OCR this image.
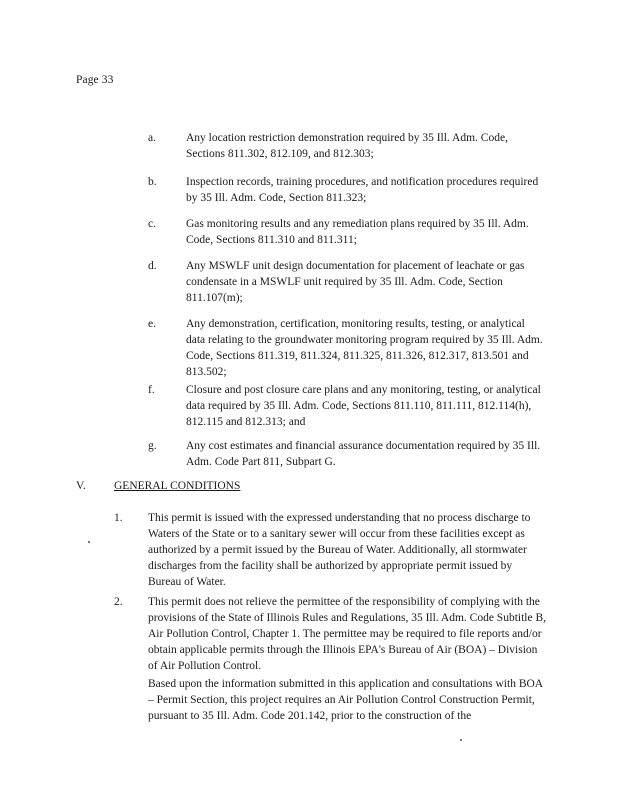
Page 33
a.	Any location restriction demonstration required by 35 Ill. Adm. Code, Sections 811.302, 812.109, and 812.303;
b.	Inspection records, training procedures, and notification procedures required by 35 Ill. Adm. Code, Section 811.323;
c.	Gas monitoring results and any remediation plans required by 35 Ill. Adm. Code, Sections 811.310 and 811.311;
d.	Any MSWLF unit design documentation for placement of leachate or gas condensate in a MSWLF unit required by 35 Ill. Adm. Code, Section 811.107(m);
e.	Any demonstration, certification, monitoring results, testing, or analytical data relating to the groundwater monitoring program required by 35 Ill. Adm. Code, Sections 811.319, 811.324, 811.325, 811.326, 812.317, 813.501 and 813.502;
f.	Closure and post closure care plans and any monitoring, testing, or analytical data required by 35 Ill. Adm. Code, Sections 811.110, 811.111, 812.114(h), 812.115 and 812.313; and
g.	Any cost estimates and financial assurance documentation required by 35 Ill. Adm. Code Part 811, Subpart G.
V. GENERAL CONDITIONS
1. This permit is issued with the expressed understanding that no process discharge to Waters of the State or to a sanitary sewer will occur from these facilities except as authorized by a permit issued by the Bureau of Water. Additionally, all stormwater discharges from the facility shall be authorized by appropriate permit issued by Bureau of Water.
2. This permit does not relieve the permittee of the responsibility of complying with the provisions of the State of Illinois Rules and Regulations, 35 Ill. Adm. Code Subtitle B, Air Pollution Control, Chapter 1. The permittee may be required to file reports and/or obtain applicable permits through the Illinois EPA's Bureau of Air (BOA) – Division of Air Pollution Control.
Based upon the information submitted in this application and consultations with BOA – Permit Section, this project requires an Air Pollution Control Construction Permit, pursuant to 35 Ill. Adm. Code 201.142, prior to the construction of the
